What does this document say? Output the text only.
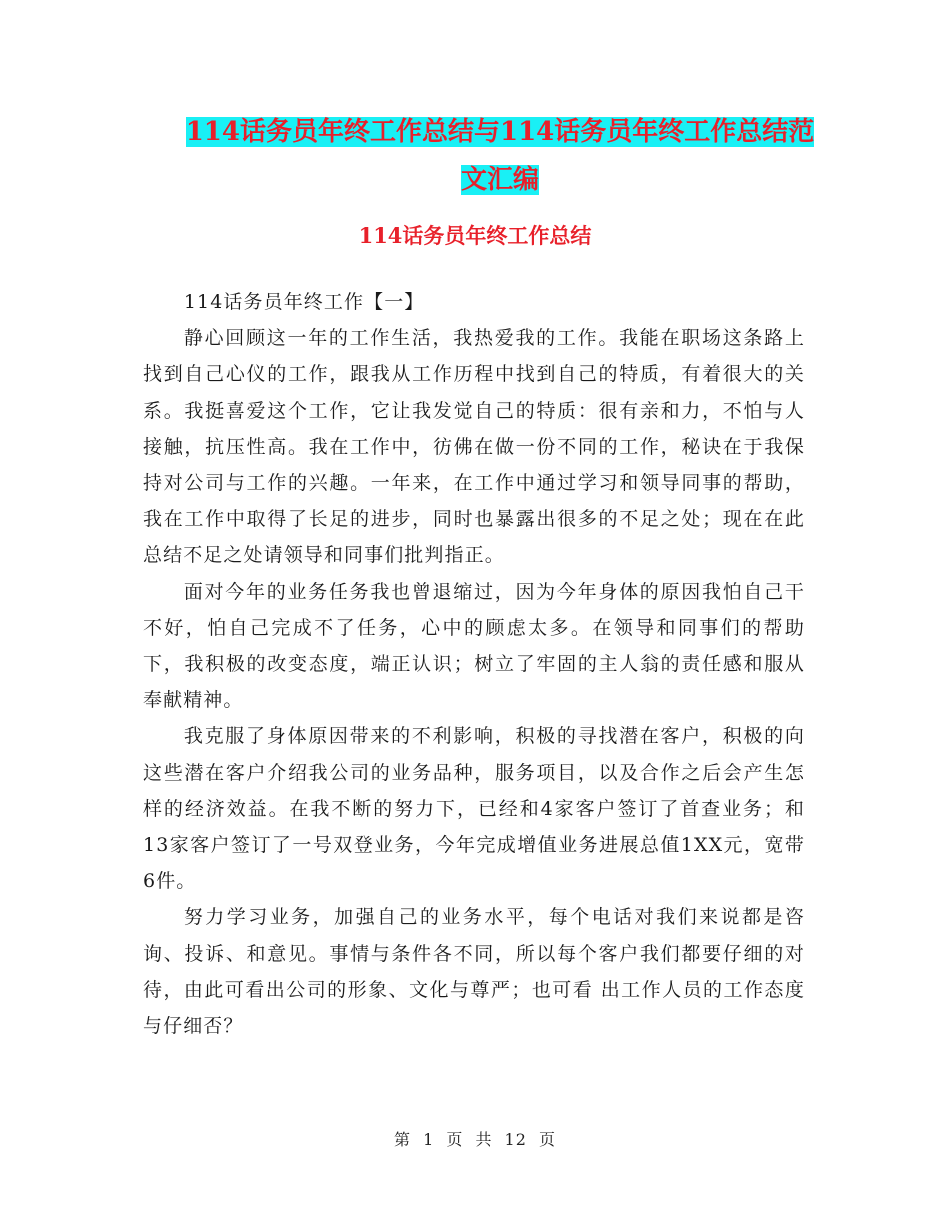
114话务员年终工作总结与114话务员年终工作总结范
文汇编
114话务员年终工作总结

114话务员年终工作【一】

静心回顾这一年的工作生活，我热爱我的工作。我能在职场这条路上找到自己心仪的工作，跟我从工作历程中找到自己的特质，有着很大的关系。我挺喜爱这个工作，它让我发觉自己的特质：很有亲和力，不怕与人接触，抗压性高。我在工作中，彷佛在做一份不同的工作，秘诀在于我保持对公司与工作的兴趣。一年来，在工作中通过学习和领导同事的帮助，我在工作中取得了长足的进步，同时也暴露出很多的不足之处；现在在此总结不足之处请领导和同事们批判指正。

面对今年的业务任务我也曾退缩过，因为今年身体的原因我怕自己干不好，怕自己完成不了任务，心中的顾虑太多。在领导和同事们的帮助下，我积极的改变态度，端正认识；树立了牢固的主人翁的责任感和服从奉献精神。

我克服了身体原因带来的不利影响，积极的寻找潜在客户，积极的向这些潜在客户介绍我公司的业务品种，服务项目，以及合作之后会产生怎样的经济效益。在我不断的努力下，已经和4家客户签订了首查业务；和13家客户签订了一号双登业务，今年完成增值业务进展总值1XX元，宽带6件。

努力学习业务，加强自己的业务水平，每个电话对我们来说都是咨询、投诉、和意见。事情与条件各不同，所以每个客户我们都要仔细的对待，由此可看出公司的形象、文化与尊严；也可看 出工作人员的工作态度与仔细否？

第 1 页 共 12 页
